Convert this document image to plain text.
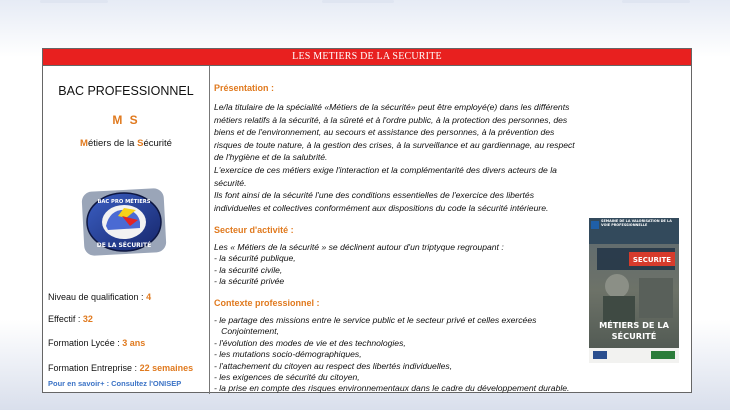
LES METIERS DE LA SECURITE
BAC PROFESSIONNEL
M S
Métiers de la Sécurité
BAC PRO MÉTIERS
DE LA SÉCURITÉ
Niveau de qualification : 4
Effectif : 32
Formation Lycée : 3 ans
Formation Entreprise : 22 semaines
Pour en savoir+ : Consultez l'ONISEP
Présentation :

Le/la titulaire de la spécialité «Métiers de la sécurité» peut être employé(e) dans les différents

métiers relatifs à la sécurité, à la sûreté et à l'ordre public, à la protection des personnes, des

biens et de l'environnement, au secours et assistance des personnes, à la prévention des

risques de toute nature, à la gestion des crises, à la surveillance et au gardiennage, au respect

de l'hygiène et de la salubrité.

L'exercice de ces métiers exige l'interaction et la complémentarité des divers acteurs de la

sécurité.

Ils font ainsi de la sécurité l'une des conditions essentielles de l'exercice des libertés

individuelles et collectives conformément aux dispositions du code la sécurité intérieure.

Secteur d'activité :

Les « Métiers de la sécurité » se déclinent autour d'un triptyque regroupant :

- la sécurité publique,

- la sécurité civile,

- la sécurité privée

Contexte professionnel :

- le partage des missions entre le service public et le secteur privé et celles exercées

Conjointement,

- l'évolution des modes de vie et des technologies,

- les mutations socio-démographiques,

- l'attachement du citoyen au respect des libertés individuelles,

- les exigences de sécurité du citoyen,

- la prise en compte des risques environnementaux dans le cadre du développement durable.

SEMAINE DE LA VALORISATION DE LA VOIE PROFESSIONNELLE
SECURITE
MÉTIERS DE LA
SÉCURITÉ
